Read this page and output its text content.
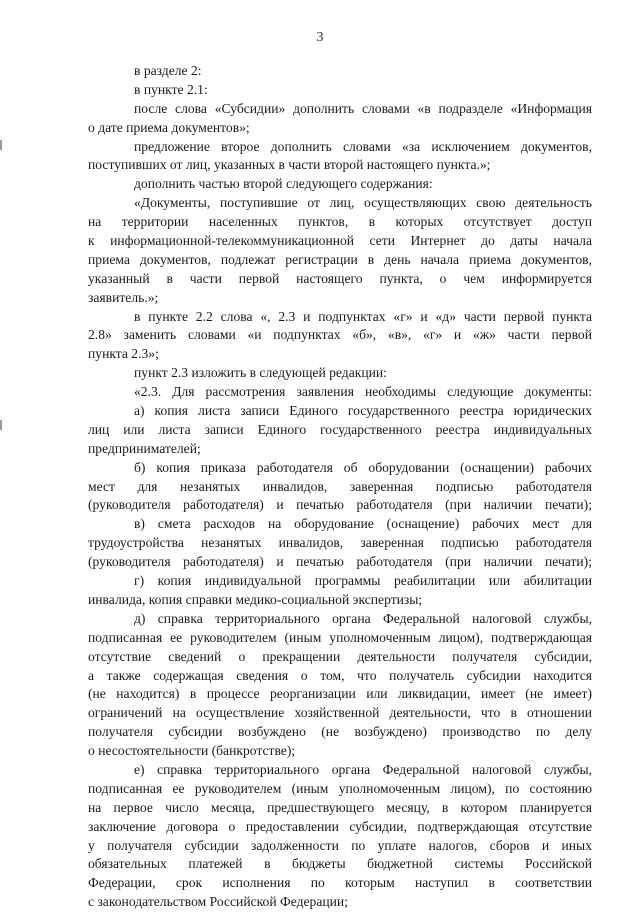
3
в разделе 2:
в пункте 2.1:
после слова «Субсидии» дополнить словами «в подразделе «Информация
о дате приема документов»;
предложение второе дополнить словами «за исключением документов,
поступивших от лиц, указанных в части второй настоящего пункта.»;
дополнить частью второй следующего содержания:
«Документы, поступившие от лиц, осуществляющих свою деятельность
на территории населенных пунктов, в которых отсутствует доступ
к информационной-телекоммуникационной сети Интернет до даты начала
приема документов, подлежат регистрации в день начала приема документов,
указанный в части первой настоящего пункта, о чем информируется
заявитель.»;
в пункте 2.2 слова «, 2.3 и подпунктах «г» и «д» части первой пункта
2.8» заменить словами «и подпунктах «б», «в», «г» и «ж» части первой
пункта 2.3»;
пункт 2.3 изложить в следующей редакции:
«2.3. Для рассмотрения заявления необходимы следующие документы:
а) копия листа записи Единого государственного реестра юридических
лиц или листа записи Единого государственного реестра индивидуальных
предпринимателей;
б) копия приказа работодателя об оборудовании (оснащении) рабочих
мест для незанятых инвалидов, заверенная подписью работодателя
(руководителя работодателя) и печатью работодателя (при наличии печати);
в) смета расходов на оборудование (оснащение) рабочих мест для
трудоустройства незанятых инвалидов, заверенная подписью работодателя
(руководителя работодателя) и печатью работодателя (при наличии печати);
г) копия индивидуальной программы реабилитации или абилитации
инвалида, копия справки медико-социальной экспертизы;
д) справка территориального органа Федеральной налоговой службы,
подписанная ее руководителем (иным уполномоченным лицом), подтверждающая
отсутствие сведений о прекращении деятельности получателя субсидии,
а также содержащая сведения о том, что получатель субсидии находится
(не находится) в процессе реорганизации или ликвидации, имеет (не имеет)
ограничений на осуществление хозяйственной деятельности, что в отношении
получателя субсидии возбуждено (не возбуждено) производство по делу
о несостоятельности (банкротстве);
е) справка территориального органа Федеральной налоговой службы,
подписанная ее руководителем (иным уполномоченным лицом), по состоянию
на первое число месяца, предшествующего месяцу, в котором планируется
заключение договора о предоставлении субсидии, подтверждающая отсутствие
у получателя субсидии задолженности по уплате налогов, сборов и иных
обязательных платежей в бюджеты бюджетной системы Российской
Федерации, срок исполнения по которым наступил в соответствии
с законодательством Российской Федерации;
